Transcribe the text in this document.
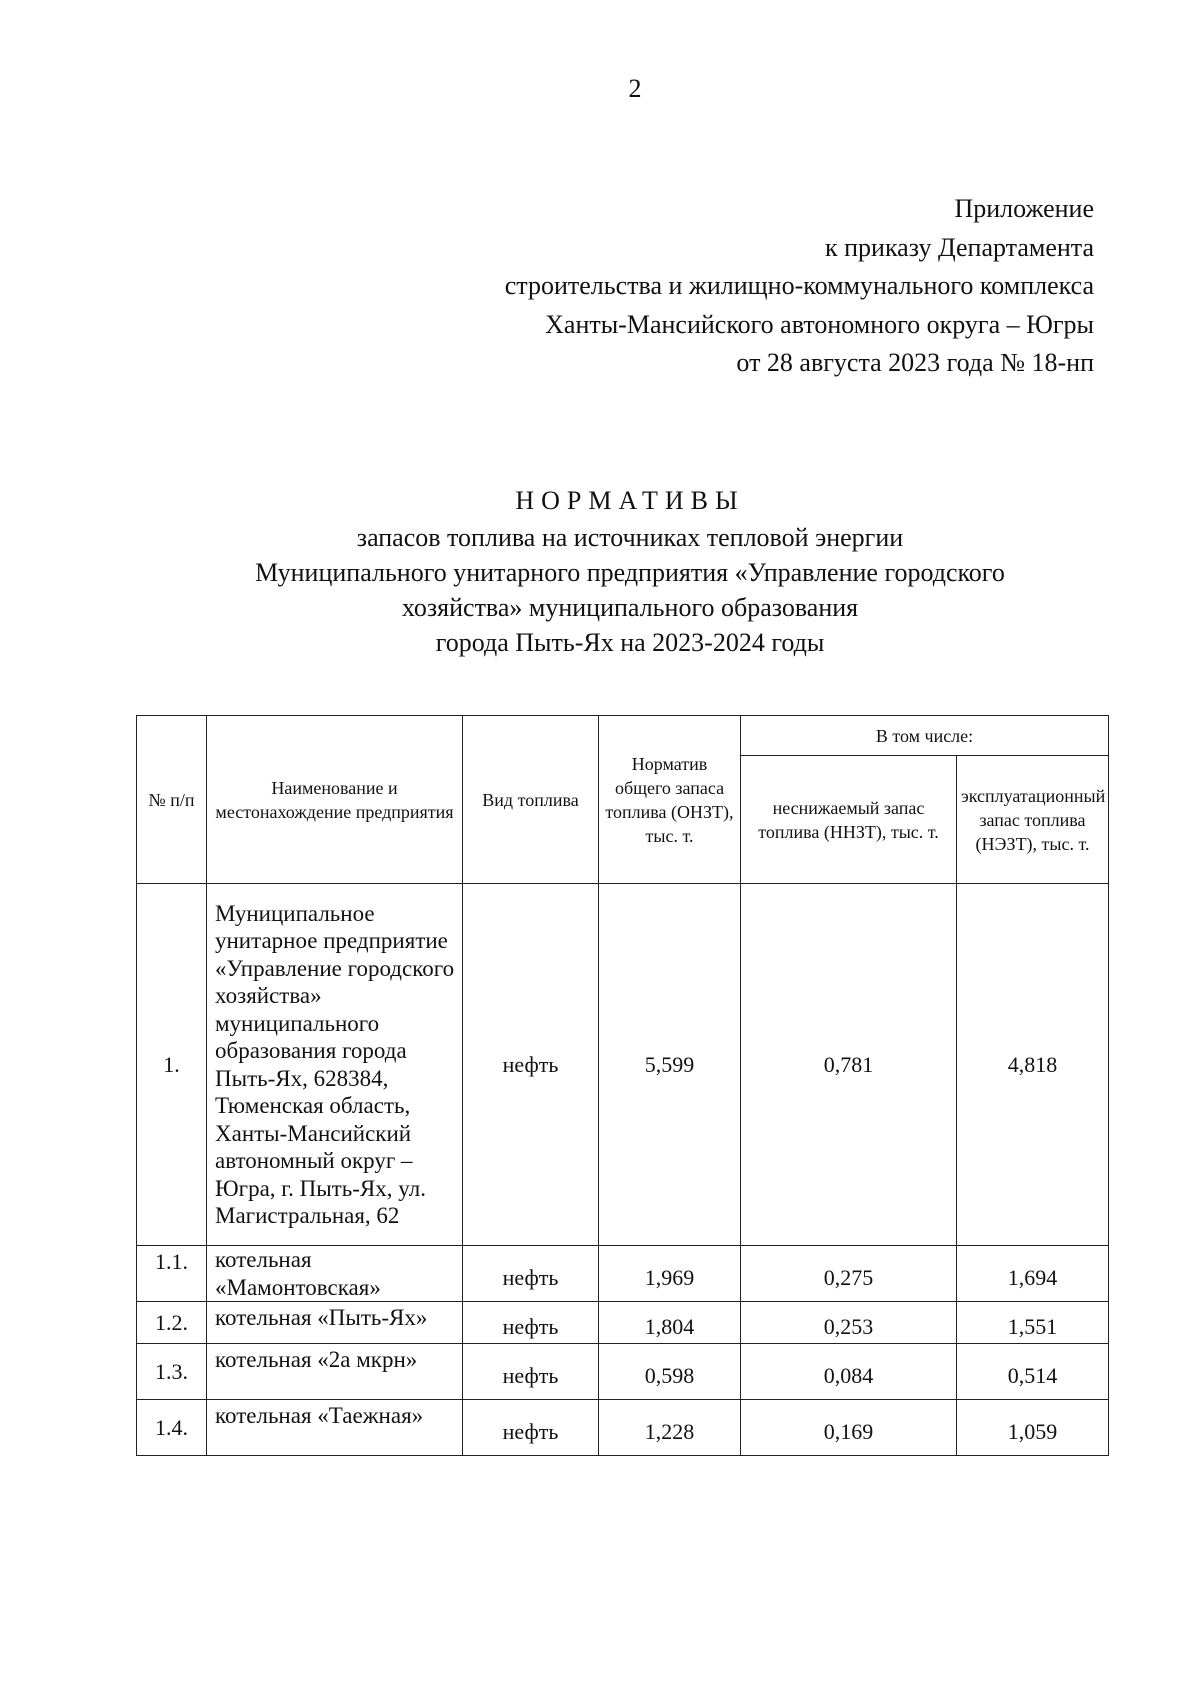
2
Приложение
к приказу Департамента
строительства и жилищно-коммунального комплекса
Ханты-Мансийского автономного округа – Югры
от 28 августа 2023 года № 18-нп
НОРМАТИВЫ
запасов топлива на источниках тепловой энергии
Муниципального унитарного предприятия «Управление городского
хозяйства» муниципального образования
города Пыть-Ях на 2023-2024 годы
№ п/п	Наименование и местонахождение предприятия	Вид топлива	Норматив общего запаса топлива (ОНЗТ), тыс. т.	В том числе:	
				неснижаемый запас топлива (ННЗТ), тыс. т.	эксплуатационный запас топлива (НЭЗТ), тыс. т.
1.	Муниципальное унитарное предприятие «Управление городского хозяйства» муниципального образования города Пыть-Ях, 628384, Тюменская область, Ханты-Мансийский автономный округ – Югра, г. Пыть-Ях, ул. Магистральная, 62	нефть	5,599	0,781	4,818
1.1.	котельная «Мамонтовская»	нефть	1,969	0,275	1,694
1.2.	котельная «Пыть-Ях»	нефть	1,804	0,253	1,551
1.3.	котельная «2а мкрн»	нефть	0,598	0,084	0,514
1.4.	котельная «Таежная»	нефть	1,228	0,169	1,059
